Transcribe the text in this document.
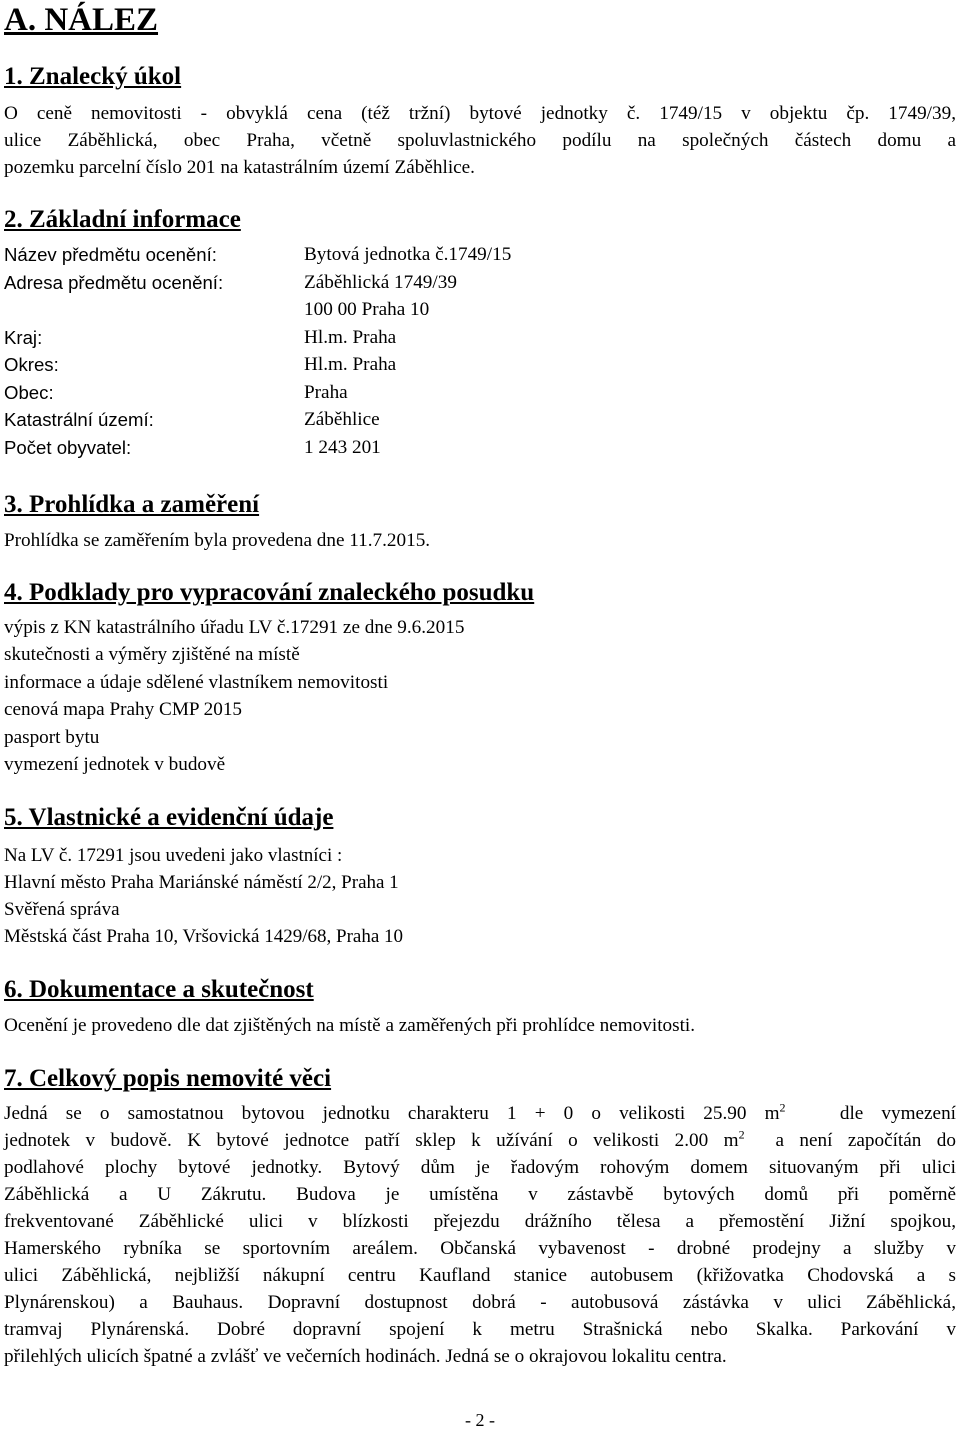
A. NÁLEZ
1. Znalecký úkol
O ceně nemovitosti - obvyklá cena (též tržní) bytové jednotky č. 1749/15 v objektu čp. 1749/39,
ulice Záběhlická, obec Praha, včetně spoluvlastnického podílu na společných částech domu a
pozemku parcelní číslo 201 na katastrálním území Záběhlice.
2. Základní informace
Název předmětu ocenění:	Bytová jednotka č.1749/15
Adresa předmětu ocenění:	Záběhlická 1749/39
	100 00 Praha 10
Kraj:	Hl.m. Praha
Okres:	Hl.m. Praha
Obec:	Praha
Katastrální území:	Záběhlice
Počet obyvatel:	1 243 201
3. Prohlídka a zaměření
Prohlídka se zaměřením byla provedena dne 11.7.2015.
4. Podklady pro vypracování znaleckého posudku
výpis z KN katastrálního úřadu LV č.17291 ze dne 9.6.2015
skutečnosti a výměry zjištěné na místě
informace a údaje sdělené vlastníkem nemovitosti
cenová mapa Prahy CMP 2015
pasport bytu
vymezení jednotek v budově
5. Vlastnické a evidenční údaje
Na LV č. 17291 jsou uvedeni jako vlastníci :
Hlavní město Praha Mariánské náměstí 2/2, Praha 1
Svěřená správa
Městská část Praha 10, Vršovická 1429/68, Praha 10
6. Dokumentace a skutečnost
Ocenění je provedeno dle dat zjištěných na místě a zaměřených při prohlídce nemovitosti.
7. Celkový popis nemovité věci
Jedná se o samostatnou bytovou jednotku charakteru 1 + 0 o velikosti 25.90 $m^2$   dle vymezení
jednotek v budově. K bytové jednotce patří sklep k užívání o velikosti 2.00 $m^2$  a není započítán do
podlahové plochy bytové jednotky. Bytový dům je řadovým rohovým domem situovaným při ulici
Záběhlická a U Zákrutu. Budova je umístěna v zástavbě bytových domů při poměrně
frekventované Záběhlické ulici v blízkosti přejezdu drážního tělesa a přemostění Jižní spojkou,
Hamerského rybníka se sportovním areálem. Občanská vybavenost - drobné prodejny a služby v
ulici Záběhlická, nejbližší nákupní centru Kaufland stanice autobusem (křižovatka Chodovská a s
Plynárenskou) a Bauhaus. Dopravní dostupnost dobrá - autobusová zástávka v ulici Záběhlická,
tramvaj Plynárenská. Dobré dopravní spojení k metru Strašnická nebo Skalka. Parkování v
přilehlých ulicích špatné a zvlášť ve večerních hodinách. Jedná se o okrajovou lokalitu centra.
- 2 -
